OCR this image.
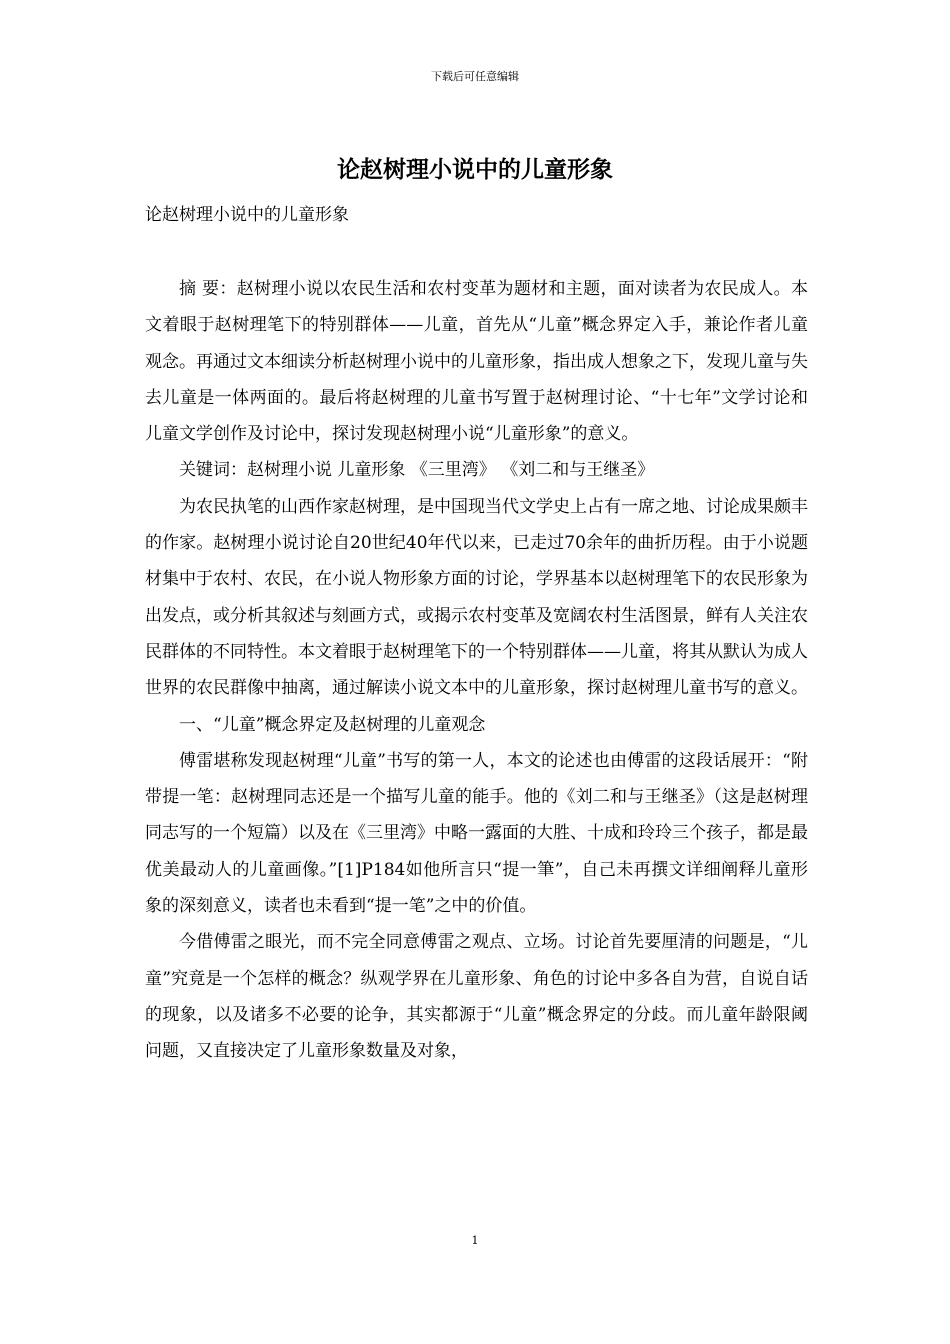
下载后可任意编辑
论赵树理小说中的儿童形象
论赵树理小说中的儿童形象

摘 要：赵树理小说以农民生活和农村变革为题材和主题，面对读者为农民成人。本文着眼于赵树理笔下的特别群体——儿童，首先从“儿童”概念界定入手，兼论作者儿童观念。再通过文本细读分析赵树理小说中的儿童形象，指出成人想象之下，发现儿童与失去儿童是一体两面的。最后将赵树理的儿童书写置于赵树理讨论、“十七年”文学讨论和儿童文学创作及讨论中，探讨发现赵树理小说“儿童形象”的意义。

关键词：赵树理小说 儿童形象 《三里湾》 《刘二和与王继圣》

为农民执笔的山西作家赵树理，是中国现当代文学史上占有一席之地、讨论成果颇丰的作家。赵树理小说讨论自20世纪40年代以来，已走过70余年的曲折历程。由于小说题材集中于农村、农民，在小说人物形象方面的讨论，学界基本以赵树理笔下的农民形象为出发点，或分析其叙述与刻画方式，或揭示农村变革及宽阔农村生活图景，鲜有人关注农民群体的不同特性。本文着眼于赵树理笔下的一个特别群体——儿童，将其从默认为成人世界的农民群像中抽离，通过解读小说文本中的儿童形象，探讨赵树理儿童书写的意义。

一、“儿童”概念界定及赵树理的儿童观念

傅雷堪称发现赵树理“儿童”书写的第一人，本文的论述也由傅雷的这段话展开：“附带提一笔：赵树理同志还是一个描写儿童的能手。他的《刘二和与王继圣》（这是赵树理同志写的一个短篇）以及在《三里湾》中略一露面的大胜、十成和玲玲三个孩子，都是最优美最动人的儿童画像。”[1]P184如他所言只“提一筆”，自己未再撰文详细阐释儿童形象的深刻意义，读者也未看到“提一笔”之中的价值。

今借傅雷之眼光，而不完全同意傅雷之观点、立场。讨论首先要厘清的问题是，“儿童”究竟是一个怎样的概念？纵观学界在儿童形象、角色的讨论中多各自为营，自说自话的现象，以及诸多不必要的论争，其实都源于“儿童”概念界定的分歧。而儿童年龄限阈问题，又直接决定了儿童形象数量及对象，

1
